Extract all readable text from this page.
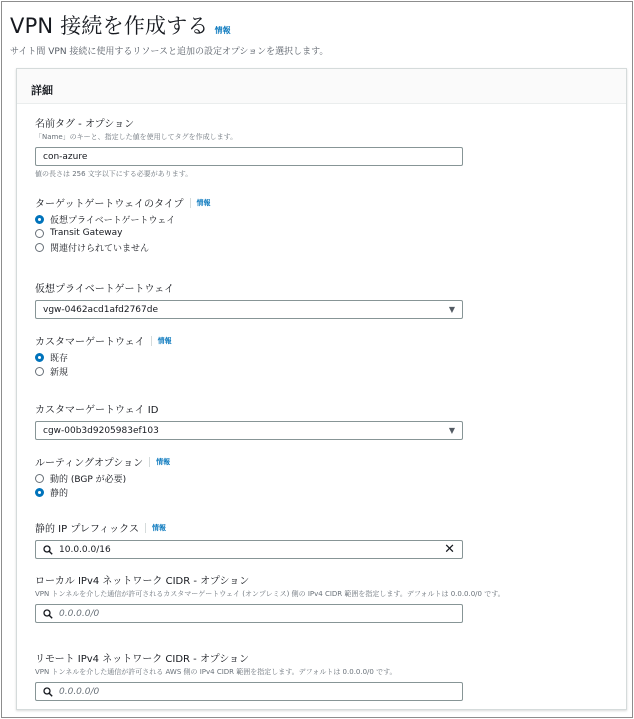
VPN 接続を作成する 情報
サイト間 VPN 接続に使用するリソースと追加の設定オプションを選択します。
詳細
名前タグ - オプション
「Name」のキーと、指定した値を使用してタグを作成します。
con-azure
値の長さは 256 文字以下にする必要があります。
ターゲットゲートウェイのタイプ 情報
仮想プライベートゲートウェイ
Transit Gateway
関連付けられていません
仮想プライベートゲートウェイ
vgw-0462acd1afd2767de	▼
カスタマーゲートウェイ 情報
既存
新規
カスタマーゲートウェイ ID
cgw-00b3d9205983ef103	▼
ルーティングオプション 情報
動的 (BGP が必要)
静的
静的 IP プレフィックス 情報
10.0.0.0/16	✕
ローカル IPv4 ネットワーク CIDR - オプション
VPN トンネルを介した通信が許可されるカスタマーゲートウェイ (オンプレミス) 側の IPv4 CIDR 範囲を指定します。デフォルトは 0.0.0.0/0 です。
0.0.0.0/0
リモート IPv4 ネットワーク CIDR - オプション
VPN トンネルを介した通信が許可される AWS 側の IPv4 CIDR 範囲を指定します。デフォルトは 0.0.0.0/0 です。
0.0.0.0/0
